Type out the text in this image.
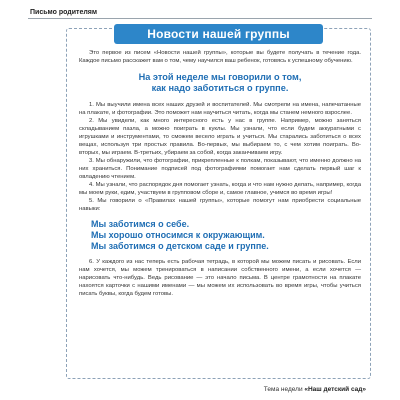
Письмо родителям
Новости нашей группы

Это первое из писем «Новости нашей группы», которые вы будете получать в течение года. Каждое письмо расскажет вам о том, чему научился ваш ребенок, готовясь к успешному обучению.

На этой неделе мы говорили о том,
как надо заботиться о группе.

1. Мы выучили имена всех наших друзей и воспитателей. Мы смотрели на имена, напечатанные на плакате, и фотографии. Это поможет нам научиться читать, когда мы станем немного взрослее.

2. Мы увидели, как много интересного есть у нас в группе. Например, можно заняться складыванием пазла, а можно поиграть в куклы. Мы узнали, что если будем аккуратными с игрушками и инструментами, то сможем весело играть и учиться. Мы старались заботиться о всех вещах, используя три простых правила. Во-первых, мы выбираем то, с чем хотим поиграть. Во-вторых, мы играем. В-третьих, убираем за собой, когда заканчиваем игру.

3. Мы обнаружили, что фотографии, прикрепленные к полкам, показывают, что именно должно на них храниться. Понимание подписей под фотографиями помогает нам сделать первый шаг к овладению чтением.

4. Мы узнали, что распорядок дня помогает узнать, когда и что нам нужно делать, например, когда мы моем руки, едим, участвуем в групповом сборе и, самое главное, учимся во время игры!

5. Мы говорили о «Правилах нашей группы», которые помогут нам приобрести социальные навыки:

Мы заботимся о себе.
Мы хорошо относимся к окружающим.
Мы заботимся о детском саде и группе.

6. У каждого из нас теперь есть рабочая тетрадь, в которой мы можем писать и рисовать. Если нам хочется, мы можем тренироваться в написании собственного имени, а если хочется — нарисовать что-нибудь. Ведь рисование — это начало письма. В центре грамотности на плакате нахоятся карточки с нашими именами — мы можем их использовать во время игры, чтобы учиться писать буквы, когда будем готовы.

Тема недели «Наш детский сад»
